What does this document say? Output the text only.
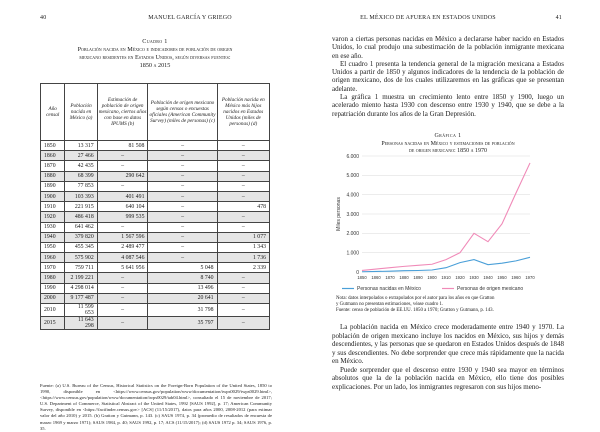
40	MANUEL GARCÍA Y GRIEGO
Cuadro 1
Población nacida en México e indicadores de población de origen
mexicano residentes en Estados Unidos, según diversas fuentes:
1850 a 2015
Año censal	Población nacida en México (a)	Estimación de población de origen mexicano, ciertos años con base en datos IPUMS (b)	Población de origen mexicano según censos o encuestas oficiales (American Community Survey) (miles de personas) (c)	Población nacida en México más hijos nacidos en Estados Unidos (miles de personas) (d)
1850	13 317	81 508	–	–
1860	27 466	–	–	–
1870	42 435	–	–	–
1880	68 399	290 642	–	–
1890	77 853	–	–	–
1900	103 393	401 491	–	–
1910	221 915	640 104	–	478
1920	486 418	999 535	–	–
1930	641 462	–	–	–
1940	379 820	1 567 596	–	1 077
1950	455 345	2 489 477	–	1 343
1960	575 902	4 087 546	–	1 736
1970	759 711	5 641 956	5 048	2 339
1980	2 199 221	–	8 740	–
1990	4 298 014	–	13 496	–
2000	9 177 487	–	20 641	–
2010	11 599 653	–	31 798	–
2015	11 643 298	–	35 797	–
Fuente: (a) U.S. Bureau of the Census, Historical Statistics on the Foreign-Born Population of the United States, 1850 to 1990, disponible en <https://www.census.gov/population/www/documentation/twps0029/twps0029.html>, <https://www.census.gov/population/www/documentation/twps0029/tab04.html>, consultado el 15 de noviembre de 2017; U.S. Department of Commerce, Statistical Abstract of the United States, 1992 [SAUS 1992], p. 17; American Community Survey, disponible en <https://factfinder.census.gov> [ACS] (11/15/2017), datos para años 2000, 2008-2012 (para estimar valor del año 2010) y 2015. (b) Gratton y Gutmann, p. 143. (c) SAUS 1974, p. 34 (promedio de resultados de encuesta de marzo 1969 y marzo 1971); SAUS 1984, p. 40; SAUS 1992, p. 17; ACS (11/15/2017); (d) SAUS 1972 p. 34; SAUS 1976, p. 35.
EL MÉXICO DE AFUERA EN ESTADOS UNIDOS	41

varon a ciertas personas nacidas en México a declararse haber nacido en Estados Unidos, lo cual produjo una subestimación de la población inmigrante mexicana en ese año.

El cuadro 1 presenta la tendencia general de la migración mexicana a Estados Unidos a partir de 1850 y algunos indicadores de la tendencia de la población de origen mexicano, dos de los cuales utilizaremos en las gráficas que se presentan adelante.

La gráfica 1 muestra un crecimiento lento entre 1850 y 1900, luego un acelerado miento hasta 1930 con descenso entre 1930 y 1940, que se debe a la repatriación durante los años de la Gran Depresión.

Gráfica 1
Personas nacidas en México y estimaciones de población
de origen mexicano: 1850 a 1970
0
1.000
2.000
3.000
4.000
5.000
6.000
Miles personas
1850 1860 1870 1880 1890 1900 1910 1920 1930 1940 1950 1960 1970
Personas nacidas en México	Personas de origen mexicano

Nota: datos interpolados o extrapolados por el autor para los años en que Gratton

y Gutmann no presentan estimaciones, véase cuadro 1.

Fuente: censo de población de EE.UU. 1850 a 1970; Gratton y Gutmann, p. 143.

La población nacida en México crece moderadamente entre 1940 y 1970. La población de origen mexicano incluye los nacidos en México, sus hijos y demás descendientes, y las personas que se quedaron en Estados Unidos después de 1848 y sus descendientes. No debe sorprender que crece más rápidamente que la nacida en México.

Puede sorprender que el descenso entre 1930 y 1940 sea mayor en términos absolutos que la de la población nacida en México, ello tiene dos posibles explicaciones. Por un lado, los inmigrantes regresaron con sus hijos meno-
